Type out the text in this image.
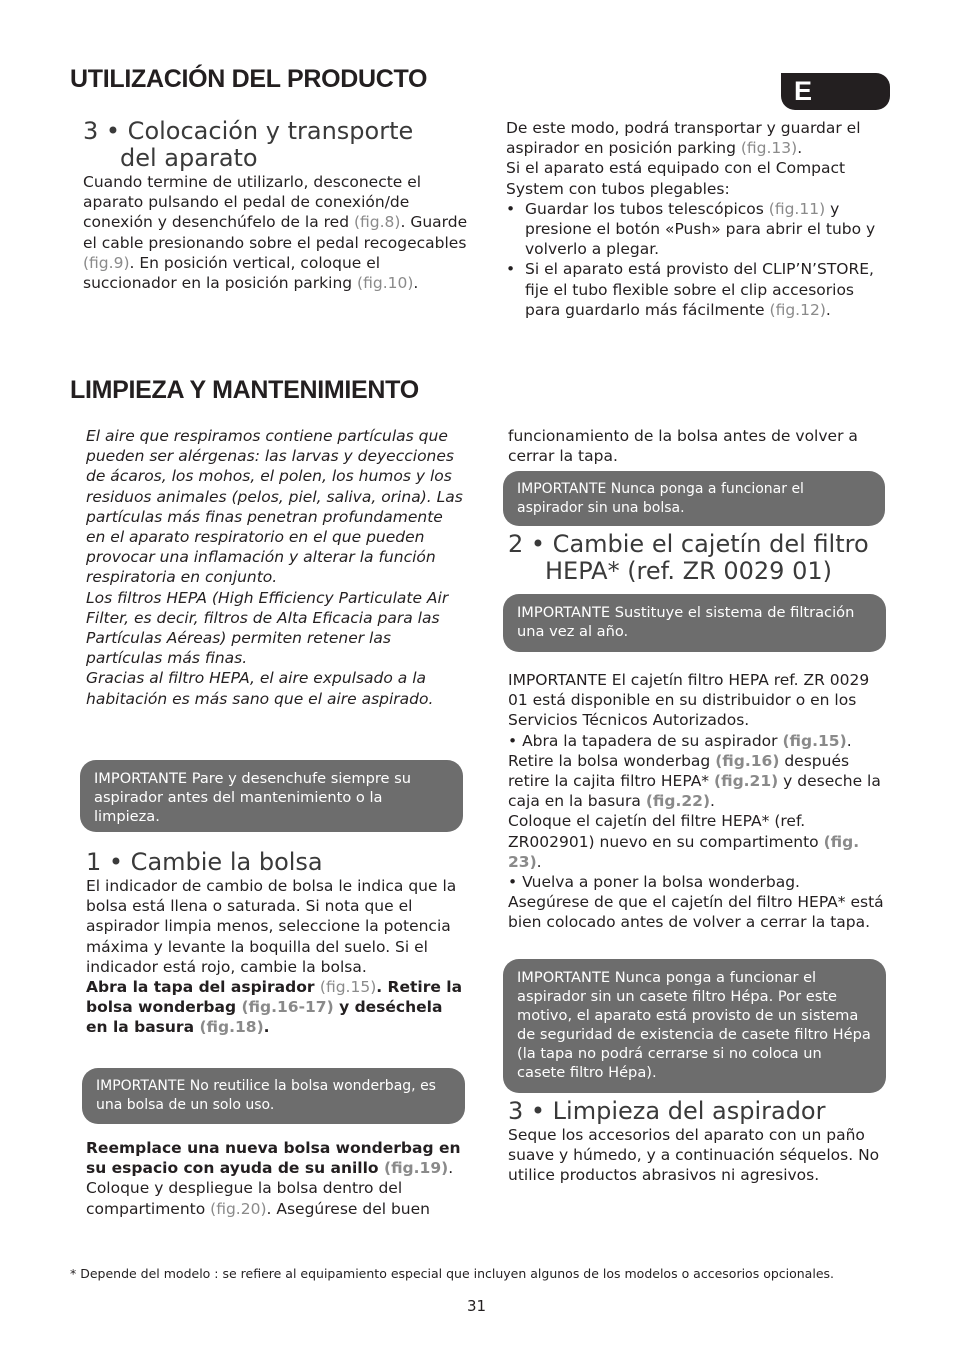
E
UTILIZACIÓN DEL PRODUCTO
3 • Colocación y transporte
del aparato

Cuando termine de utilizarlo, desconecte el aparato pulsando el pedal de conexión/de conexión y desenchúfelo de la red (fig.8). Guarde el cable presionando sobre el pedal recogecables (fig.9). En posición vertical, coloque el succionador en la posición parking (fig.10).

De este modo, podrá transportar y guardar el aspirador en posición parking (fig.13).

Si el aparato está equipado con el Compact System con tubos plegables:

• Guardar los tubos telescópicos (fig.11) y presione el botón «Push» para abrir el tubo y volverlo a plegar.
• Si el aparato está provisto del CLIP’N’STORE, fije el tubo flexible sobre el clip accesorios para guardarlo más fácilmente (fig.12).
LIMPIEZA Y MANTENIMIENTO

El aire que respiramos contiene partículas que pueden ser alérgenas: las larvas y deyecciones de ácaros, los mohos, el polen, los humos y los residuos animales (pelos, piel, saliva, orina). Las partículas más finas penetran profundamente en el aparato respiratorio en el que pueden provocar una inflamación y alterar la función respiratoria en conjunto.

Los filtros HEPA (High Efficiency Particulate Air Filter, es decir, filtros de Alta Eficacia para las Partículas Aéreas) permiten retener las partículas más finas.

Gracias al filtro HEPA, el aire expulsado a la habitación es más sano que el aire aspirado.

IMPORTANTE Pare y desenchufe siempre su aspirador antes del mantenimiento o la limpieza.
1 • Cambie la bolsa

El indicador de cambio de bolsa le indica que la bolsa está llena o saturada. Si nota que el aspirador limpia menos, seleccione la potencia máxima y levante la boquilla del suelo. Si el indicador está rojo, cambie la bolsa.

Abra la tapa del aspirador (fig.15). Retire la bolsa wonderbag (fig.16-17) y deséchela en la basura (fig.18).

IMPORTANTE No reutilice la bolsa wonderbag, es una bolsa de un solo uso.

Reemplace una nueva bolsa wonderbag en su espacio con ayuda de su anillo (fig.19).

Coloque y despliegue la bolsa dentro del compartimento (fig.20). Asegúrese del buen

funcionamiento de la bolsa antes de volver a cerrar la tapa.

IMPORTANTE Nunca ponga a funcionar el aspirador sin una bolsa.
2 • Cambie el cajetín del filtro
HEPA* (ref. ZR 0029 01)
IMPORTANTE Sustituye el sistema de filtración una vez al año.

IMPORTANTE El cajetín filtro HEPA ref. ZR 0029 01 está disponible en su distribuidor o en los Servicios Técnicos Autorizados.

• Abra la tapadera de su aspirador (fig.15).

Retire la bolsa wonderbag (fig.16) después retire la cajita filtro HEPA* (fig.21) y deseche la caja en la basura (fig.22).

Coloque el cajetín del filtre HEPA* (ref. ZR002901) nuevo en su compartimento (fig. 23).

• Vuelva a poner la bolsa wonderbag.

Asegúrese de que el cajetín del filtro HEPA* está bien colocado antes de volver a cerrar la tapa.

IMPORTANTE Nunca ponga a funcionar el aspirador sin un casete filtro Hépa. Por este motivo, el aparato está provisto de un sistema de seguridad de existencia de casete filtro Hépa (la tapa no podrá cerrarse si no coloca un casete filtro Hépa).
3 • Limpieza del aspirador

Seque los accesorios del aparato con un paño suave y húmedo, y a continuación séquelos. No utilice productos abrasivos ni agresivos.

* Depende del modelo : se refiere al equipamiento especial que incluyen algunos de los modelos o accesorios opcionales.
31
